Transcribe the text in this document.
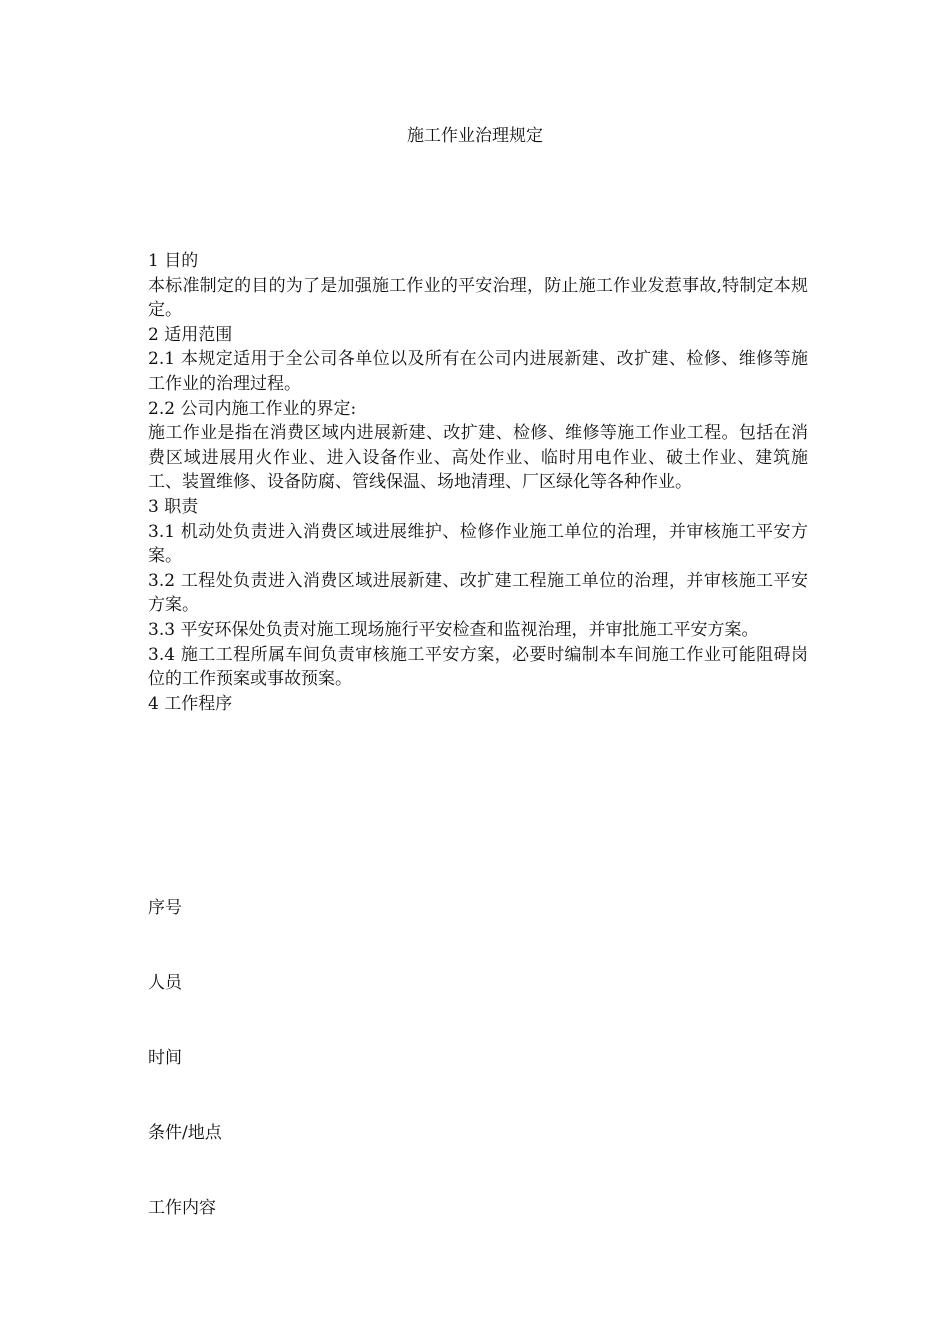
施工作业治理规定

1 目的

本标准制定的目的为了是加强施工作业的平安治理，防止施工作业发惹事故,特制定本规定。

2 适用范围

2.1 本规定适用于全公司各单位以及所有在公司内进展新建、改扩建、检修、维修等施工作业的治理过程。

2.2 公司内施工作业的界定:

施工作业是指在消费区域内进展新建、改扩建、检修、维修等施工作业工程。包括在消费区域进展用火作业、进入设备作业、高处作业、临时用电作业、破土作业、建筑施工、装置维修、设备防腐、管线保温、场地清理、厂区绿化等各种作业。

3 职责

3.1 机动处负责进入消费区域进展维护、检修作业施工单位的治理，并审核施工平安方案。

3.2 工程处负责进入消费区域进展新建、改扩建工程施工单位的治理，并审核施工平安方案。

3.3 平安环保处负责对施工现场施行平安检查和监视治理，并审批施工平安方案。

3.4 施工工程所属车间负责审核施工平安方案，必要时编制本车间施工作业可能阻碍岗位的工作预案或事故预案。

4 工作程序

序号
人员
时间
条件/地点
工作内容
